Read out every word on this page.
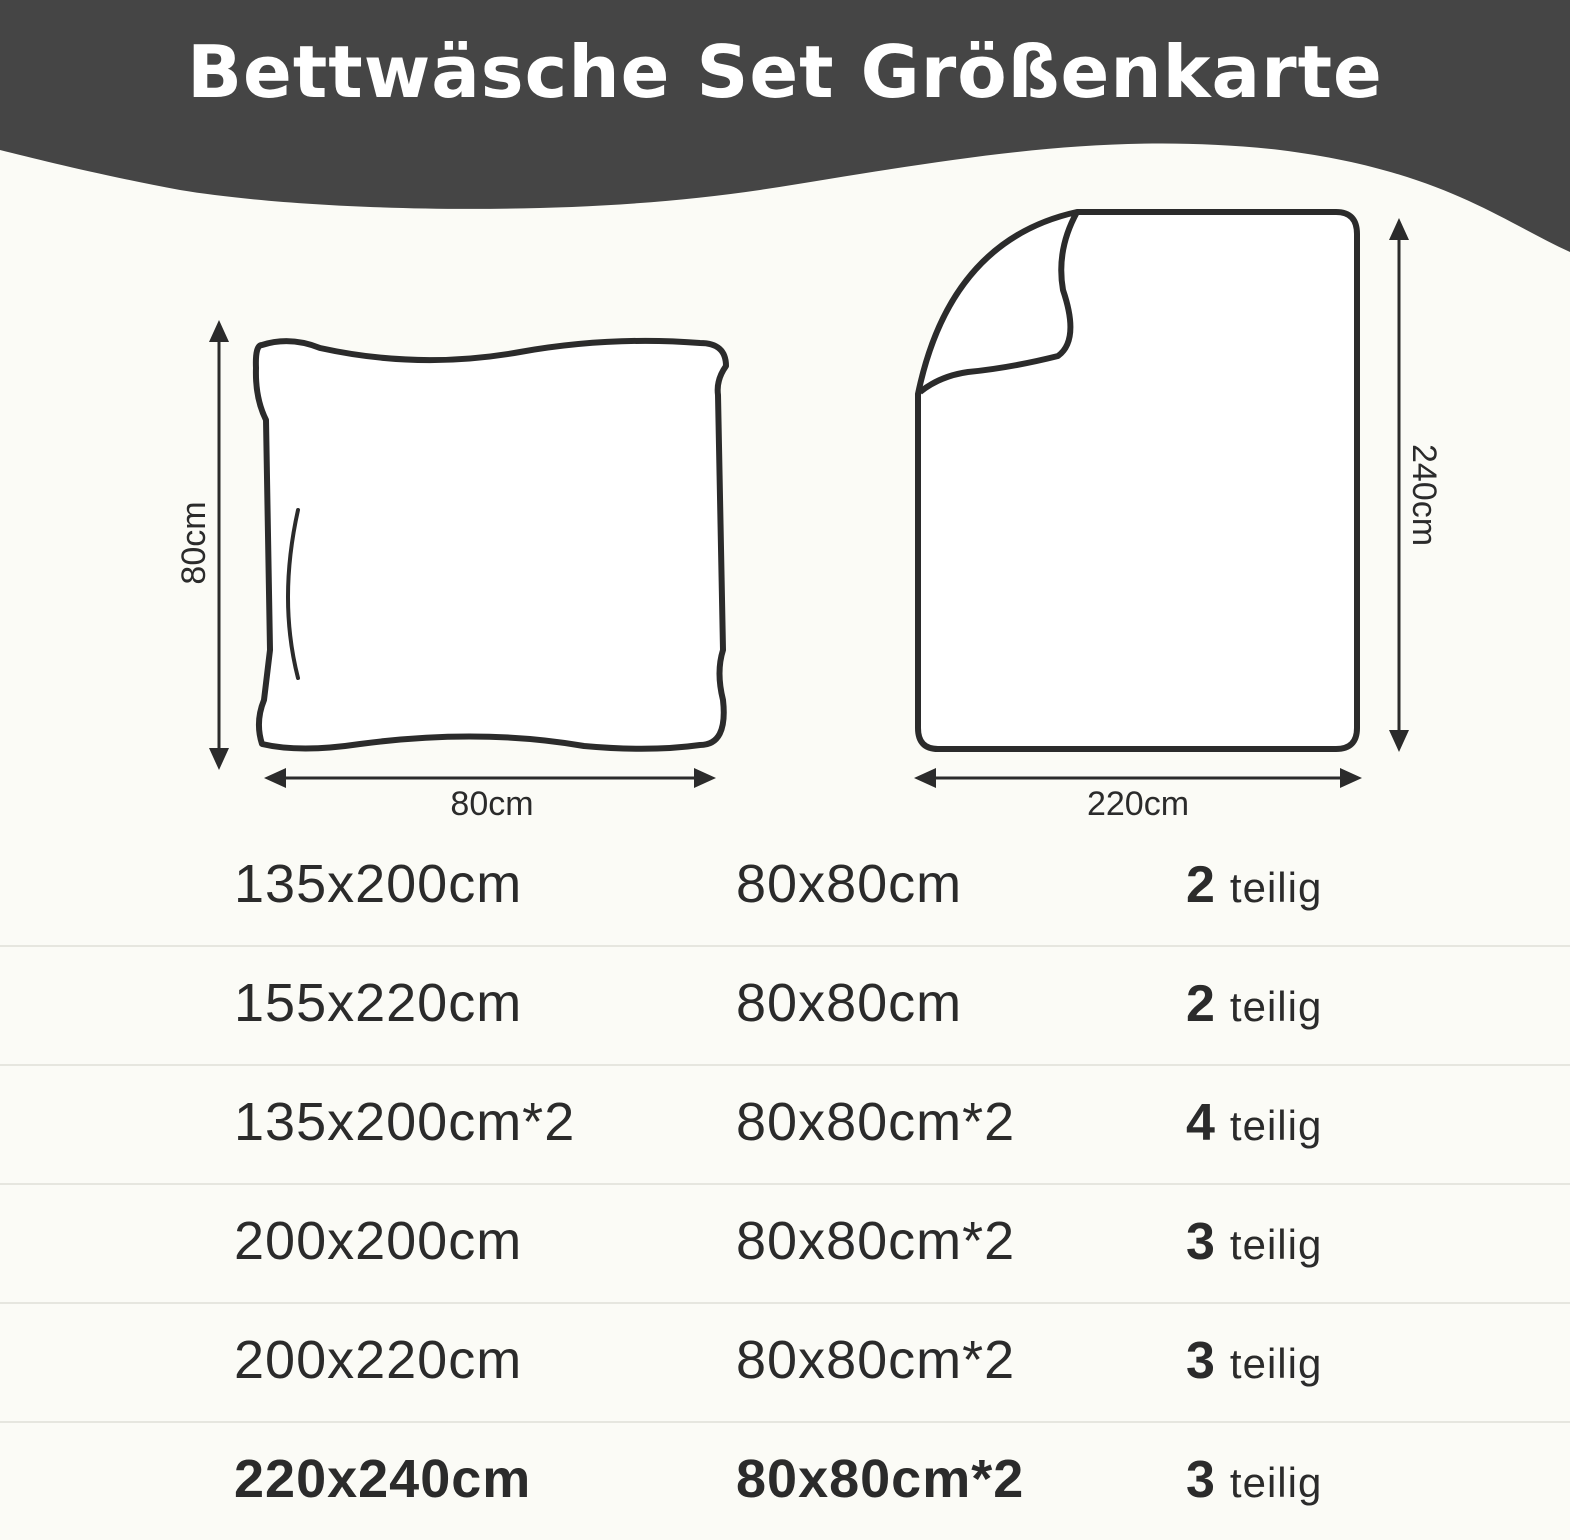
Bettwäsche Set Größenkarte
80cm
80cm
240cm
220cm
135x200cm	80x80cm	2 teilig
155x220cm	80x80cm	2 teilig
135x200cm*2	80x80cm*2	4 teilig
200x200cm	80x80cm*2	3 teilig
200x220cm	80x80cm*2	3 teilig
220x240cm	80x80cm*2	3 teilig
